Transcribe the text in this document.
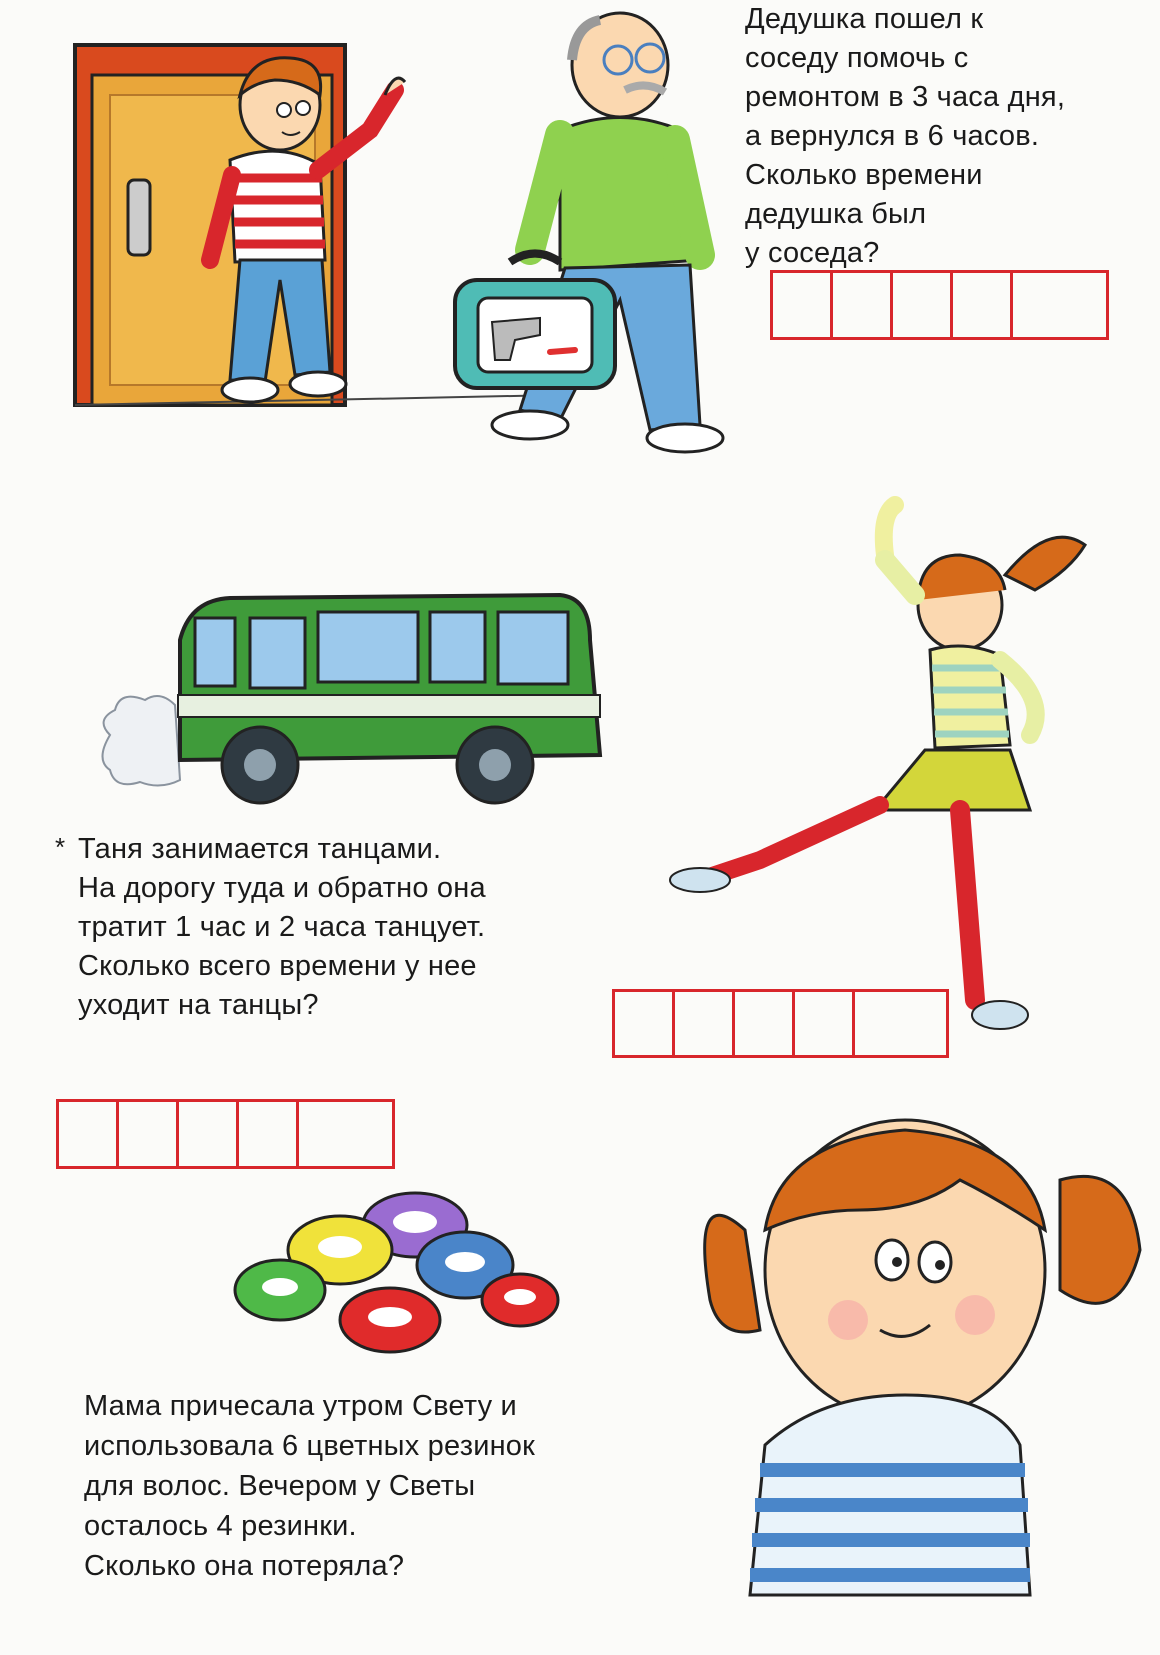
Дедушка пошел к
соседу помочь с
ремонтом в 3 часа дня,
а вернулся в 6 часов.
Сколько времени
дедушка был
у соседа?
* Таня занимается танцами.
На дорогу туда и обратно она
тратит 1 час и 2 часа танцует.
Сколько всего времени у нее
уходит на танцы?
Мама причесала утром Свету и
использовала 6 цветных резинок
для волос. Вечером у Светы
осталось 4 резинки.
Сколько она потеряла?
